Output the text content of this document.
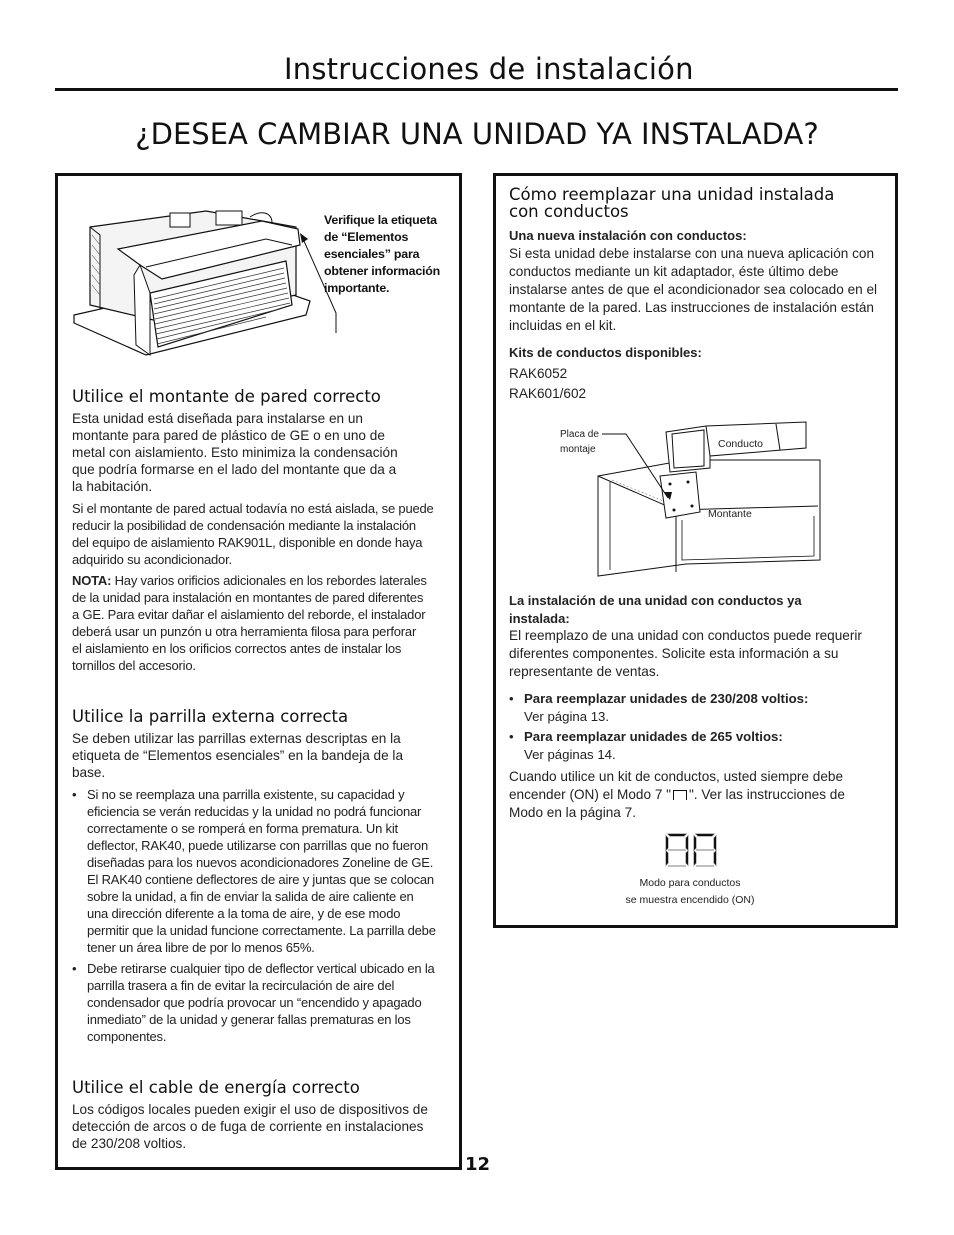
Instrucciones de instalación
¿DESEA CAMBIAR UNA UNIDAD YA INSTALADA?
Verifique la etiqueta de “Elementos esenciales” para obtener información importante.
Utilice el montante de pared correcto
Esta unidad está diseñada para instalarse en un montante para pared de plástico de GE o en uno de metal con aislamiento. Esto minimiza la condensación que podría formarse en el lado del montante que da a la habitación.
Si el montante de pared actual todavía no está aislada, se puede reducir la posibilidad de condensación mediante la instalación del equipo de aislamiento RAK901L, disponible en donde haya adquirido su acondicionador.
NOTA: Hay varios orificios adicionales en los rebordes laterales de la unidad para instalación en montantes de pared diferentes a GE. Para evitar dañar el aislamiento del reborde, el instalador deberá usar un punzón u otra herramienta filosa para perforar el aislamiento en los orificios correctos antes de instalar los tornillos del accesorio.
Utilice la parrilla externa correcta
Se deben utilizar las parrillas externas descriptas en la etiqueta de “Elementos esenciales” en la bandeja de la base.
• Si no se reemplaza una parrilla existente, su capacidad y eficiencia se verán reducidas y la unidad no podrá funcionar correctamente o se romperá en forma prematura. Un kit deflector, RAK40, puede utilizarse con parrillas que no fueron diseñadas para los nuevos acondicionadores Zoneline de GE. El RAK40 contiene deflectores de aire y juntas que se colocan sobre la unidad, a fin de enviar la salida de aire caliente en una dirección diferente a la toma de aire, y de ese modo permitir que la unidad funcione correctamente. La parrilla debe tener un área libre de por lo menos 65%.
• Debe retirarse cualquier tipo de deflector vertical ubicado en la parrilla trasera a fin de evitar la recirculación de aire del condensador que podría provocar un “encendido y apagado inmediato” de la unidad y generar fallas prematuras en los componentes.
Utilice el cable de energía correcto
Los códigos locales pueden exigir el uso de dispositivos de detección de arcos o de fuga de corriente en instalaciones de 230/208 voltios.
Cómo reemplazar una unidad instalada con conductos
Una nueva instalación con conductos:
Si esta unidad debe instalarse con una nueva aplicación con conductos mediante un kit adaptador, éste último debe instalarse antes de que el acondicionador sea colocado en el montante de la pared. Las instrucciones de instalación están incluidas en el kit.
Kits de conductos disponibles:
RAK6052
RAK601/602
Placa de
montaje	Conducto
Montante
La instalación de una unidad con conductos ya instalada:
El reemplazo de una unidad con conductos puede requerir diferentes componentes. Solicite esta información a su representante de ventas.
• Para reemplazar unidades de 230/208 voltios:
Ver página 13.
• Para reemplazar unidades de 265 voltios:
Ver páginas 14.
Cuando utilice un kit de conductos, usted siempre debe encender (ON) el Modo 7 " ". Ver las instrucciones de Modo en la página 7.
Modo para conductos
se muestra encendido (ON)
12
